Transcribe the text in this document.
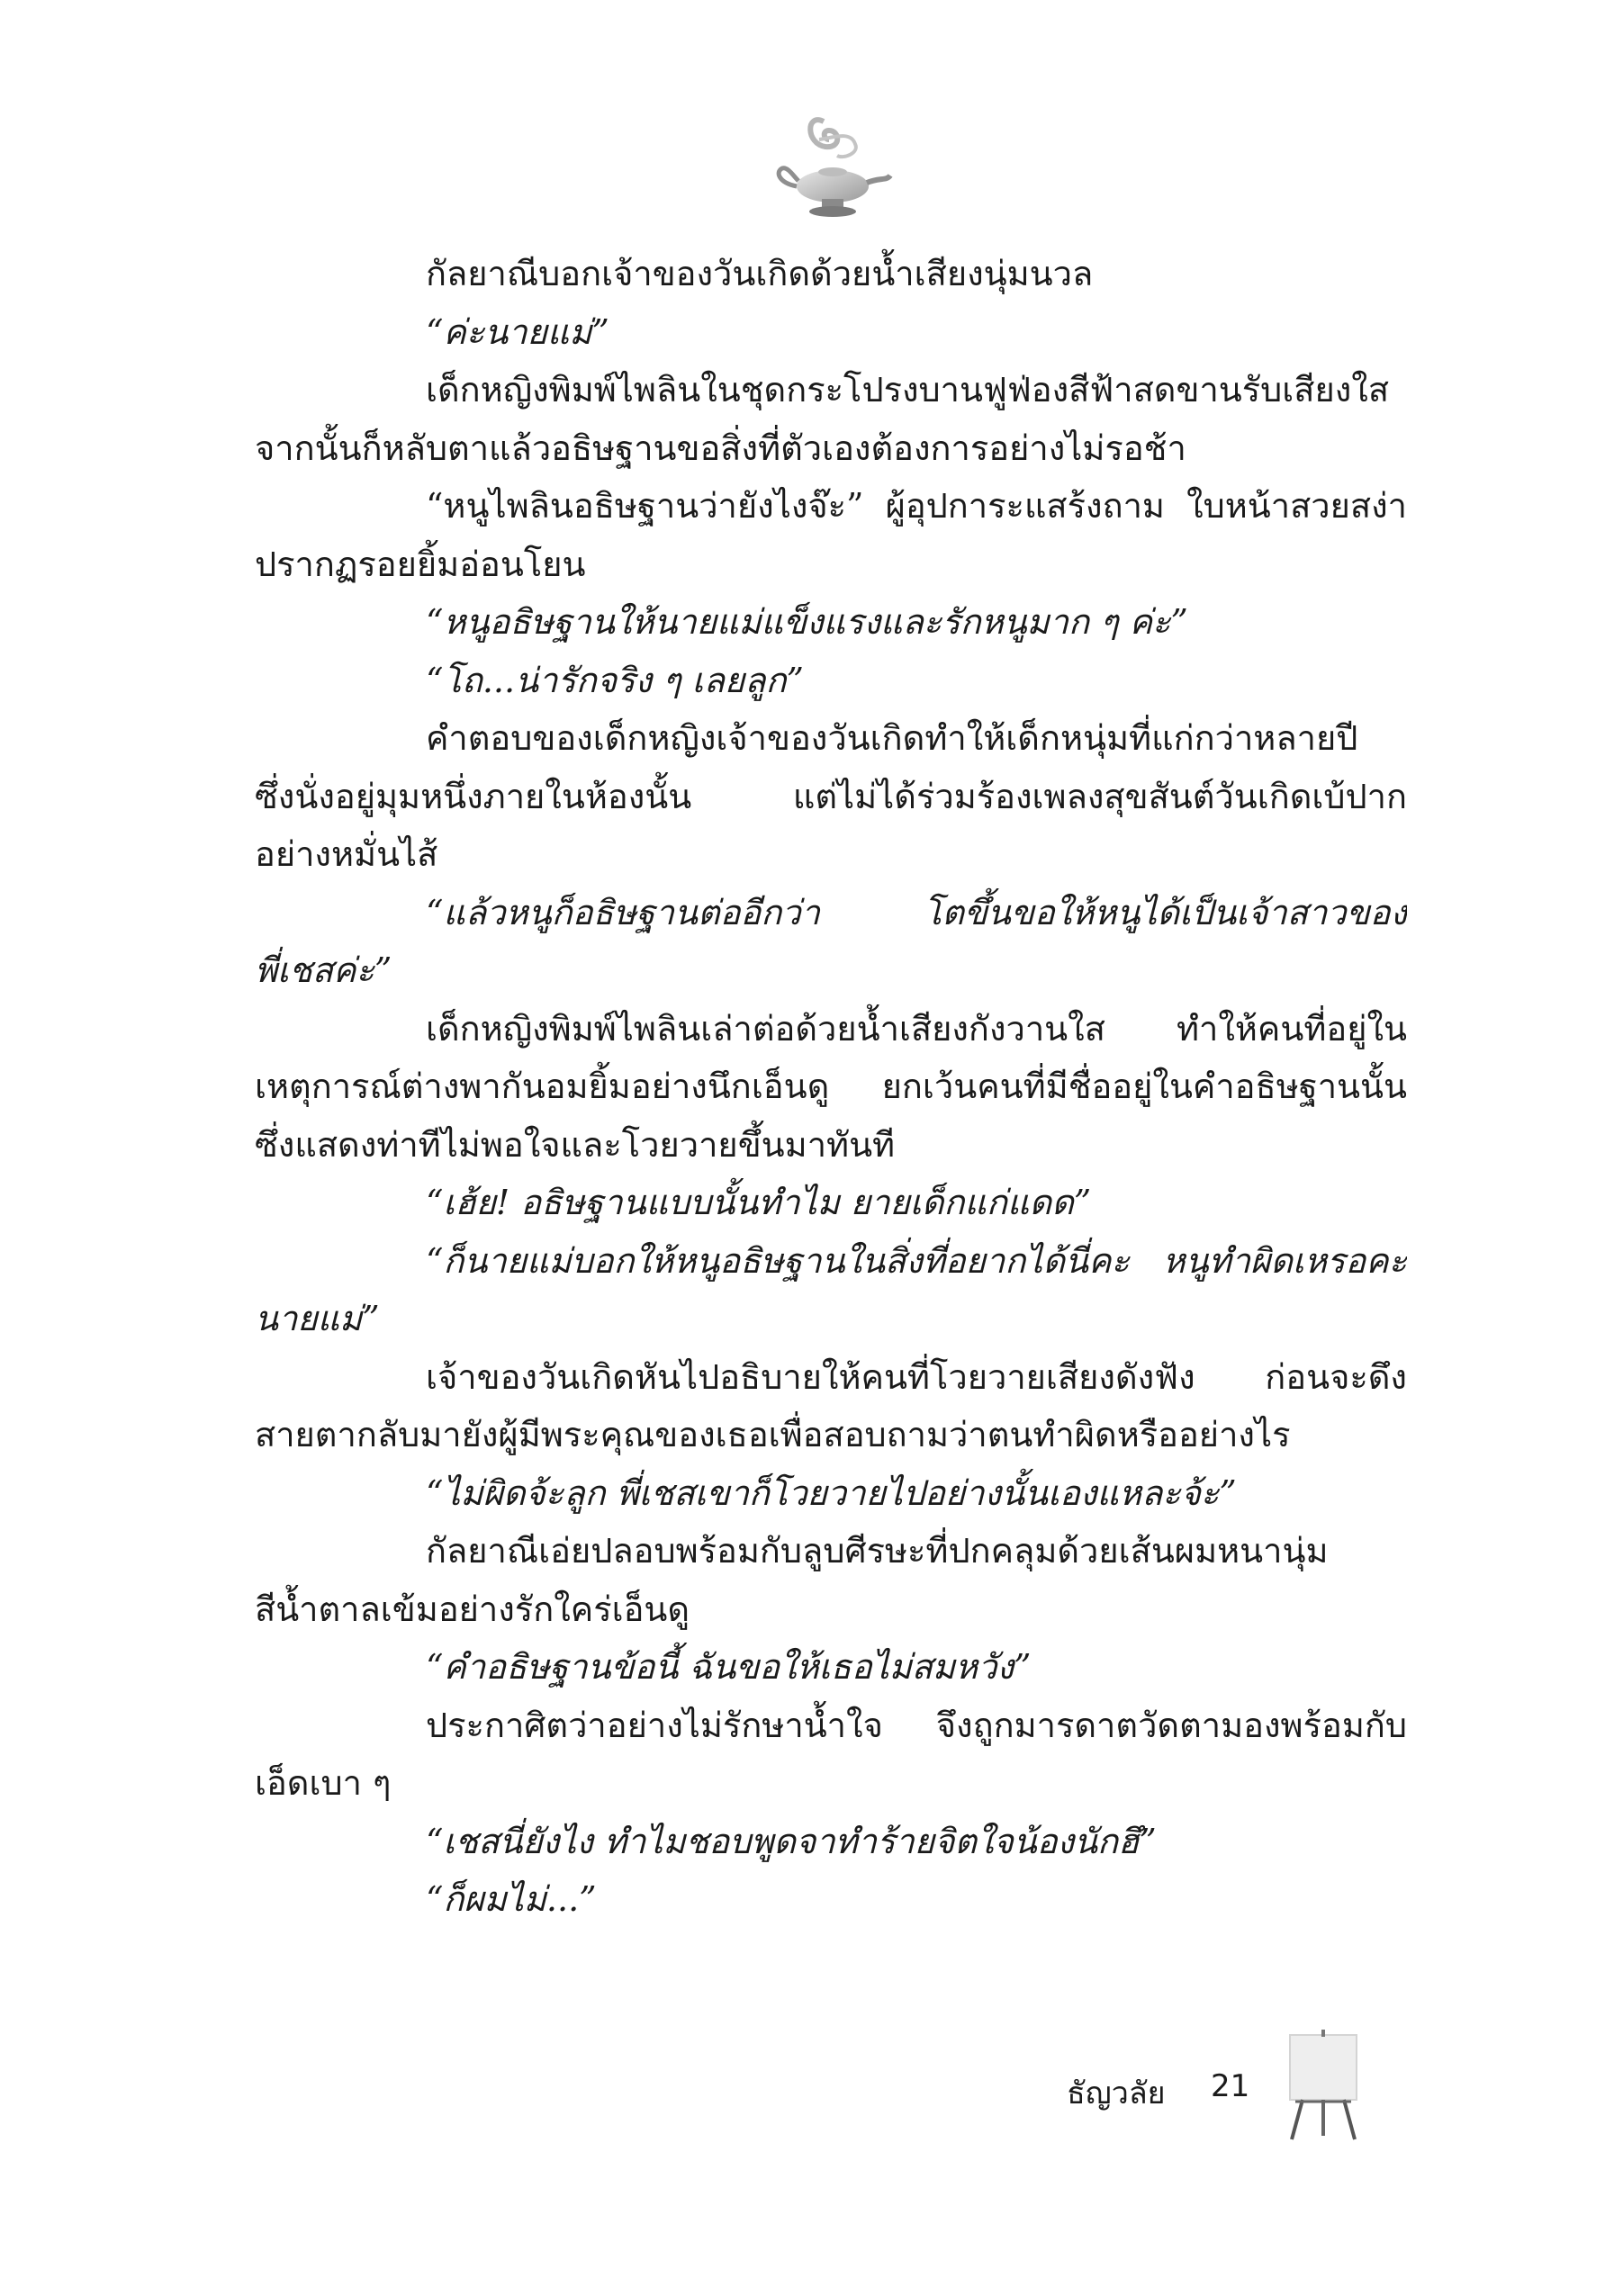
กัลยาณีบอกเจ้าของวันเกิดด้วยน้ำเสียงนุ่มนวล
“ค่ะนายแม่”
เด็กหญิงพิมพ์ไพลินในชุดกระโปรงบานฟูฟ่องสีฟ้าสดขานรับเสียงใส
จากนั้นก็หลับตาแล้วอธิษฐานขอสิ่งที่ตัวเองต้องการอย่างไม่รอช้า
“หนูไพลินอธิษฐานว่ายังไงจ๊ะ” ผู้อุปการะแสร้งถาม ใบหน้าสวยสง่า
ปรากฏรอยยิ้มอ่อนโยน
“หนูอธิษฐานให้นายแม่แข็งแรงและรักหนูมาก ๆ ค่ะ”
“โถ...น่ารักจริง ๆ เลยลูก”
คำตอบของเด็กหญิงเจ้าของวันเกิดทำให้เด็กหนุ่มที่แก่กว่าหลายปี
ซึ่งนั่งอยู่มุมหนึ่งภายในห้องนั้น แต่ไม่ได้ร่วมร้องเพลงสุขสันต์วันเกิดเบ้ปาก
อย่างหมั่นไส้
“แล้วหนูก็อธิษฐานต่ออีกว่า โตขึ้นขอให้หนูได้เป็นเจ้าสาวของ
พี่เชสค่ะ”
เด็กหญิงพิมพ์ไพลินเล่าต่อด้วยน้ำเสียงกังวานใส ทำให้คนที่อยู่ใน
เหตุการณ์ต่างพากันอมยิ้มอย่างนึกเอ็นดู ยกเว้นคนที่มีชื่ออยู่ในคำอธิษฐานนั้น
ซึ่งแสดงท่าทีไม่พอใจและโวยวายขึ้นมาทันที
“เฮ้ย! อธิษฐานแบบนั้นทำไม ยายเด็กแก่แดด”
“ก็นายแม่บอกให้หนูอธิษฐานในสิ่งที่อยากได้นี่คะ หนูทำผิดเหรอคะ
นายแม่”
เจ้าของวันเกิดหันไปอธิบายให้คนที่โวยวายเสียงดังฟัง ก่อนจะดึง
สายตากลับมายังผู้มีพระคุณของเธอเพื่อสอบถามว่าตนทำผิดหรืออย่างไร
“ไม่ผิดจ้ะลูก พี่เชสเขาก็โวยวายไปอย่างนั้นเองแหละจ้ะ”
กัลยาณีเอ่ยปลอบพร้อมกับลูบศีรษะที่ปกคลุมด้วยเส้นผมหนานุ่ม
สีน้ำตาลเข้มอย่างรักใคร่เอ็นดู
“คำอธิษฐานข้อนี้ ฉันขอให้เธอไม่สมหวัง”
ประกาศิตว่าอย่างไม่รักษาน้ำใจ จึงถูกมารดาตวัดตามองพร้อมกับ
เอ็ดเบา ๆ
“เชสนี่ยังไง ทำไมชอบพูดจาทำร้ายจิตใจน้องนักฮึ”
“ก็ผมไม่...”
ธัญวลัย 21
